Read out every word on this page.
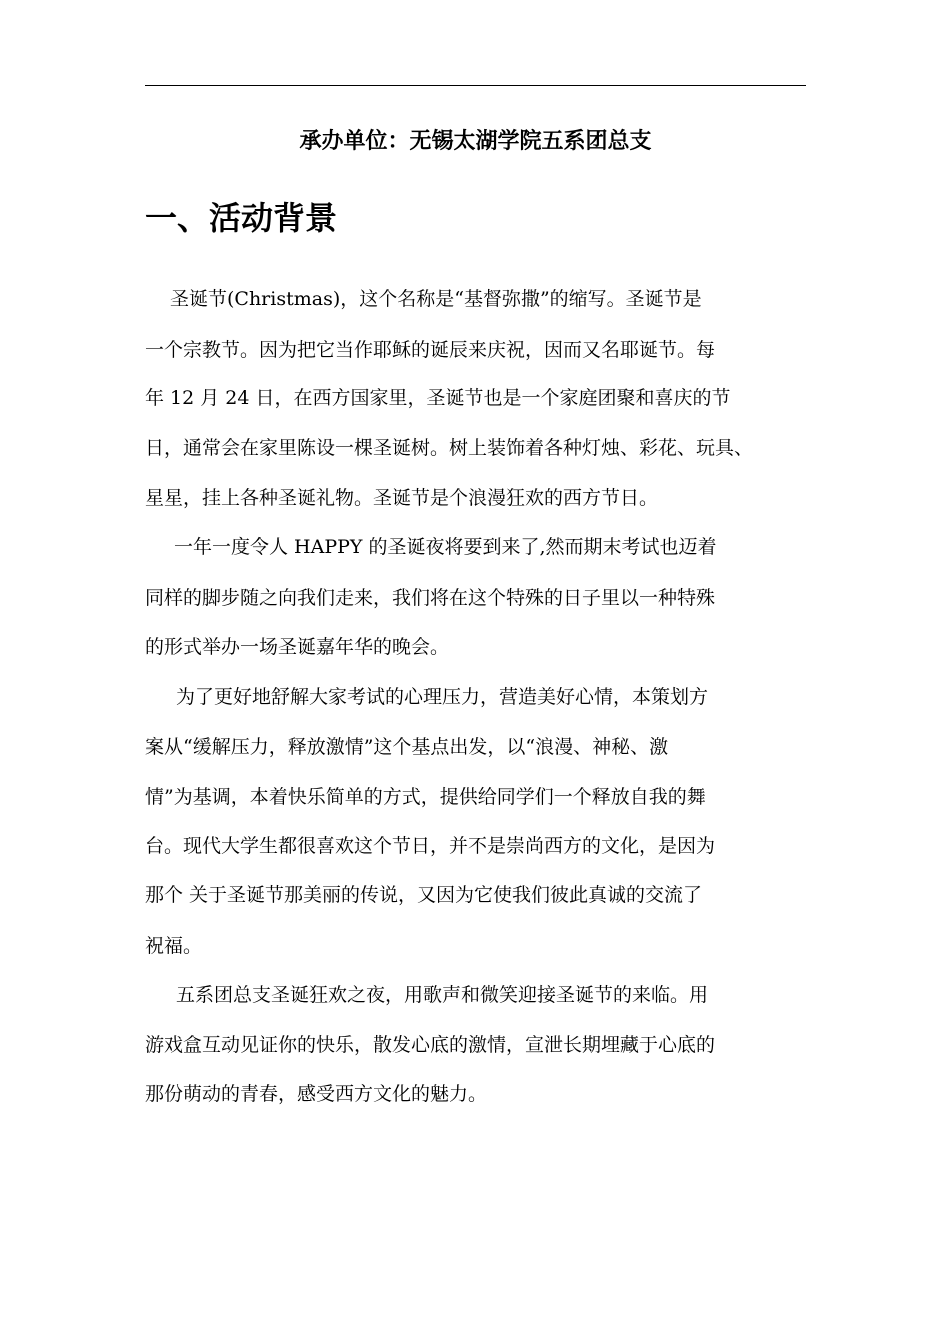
承办单位：无锡太湖学院五系团总支
一、活动背景
圣诞节(Christmas)，这个名称是“基督弥撒”的缩写。圣诞节是
一个宗教节。因为把它当作耶稣的诞辰来庆祝，因而又名耶诞节。每
年 12 月 24 日，在西方国家里，圣诞节也是一个家庭团聚和喜庆的节
日，通常会在家里陈设一棵圣诞树。树上装饰着各种灯烛、彩花、玩具、
星星，挂上各种圣诞礼物。圣诞节是个浪漫狂欢的西方节日。
一年一度令人 HAPPY 的圣诞夜将要到来了,然而期末考试也迈着
同样的脚步随之向我们走来，我们将在这个特殊的日子里以一种特殊
的形式举办一场圣诞嘉年华的晚会。
为了更好地舒解大家考试的心理压力，营造美好心情，本策划方
案从“缓解压力，释放激情”这个基点出发，以“浪漫、神秘、激
情”为基调，本着快乐简单的方式，提供给同学们一个释放自我的舞
台。现代大学生都很喜欢这个节日，并不是崇尚西方的文化，是因为
那个 关于圣诞节那美丽的传说，又因为它使我们彼此真诚的交流了
祝福。
五系团总支圣诞狂欢之夜，用歌声和微笑迎接圣诞节的来临。用
游戏盒互动见证你的快乐，散发心底的激情，宣泄长期埋藏于心底的
那份萌动的青春，感受西方文化的魅力。
